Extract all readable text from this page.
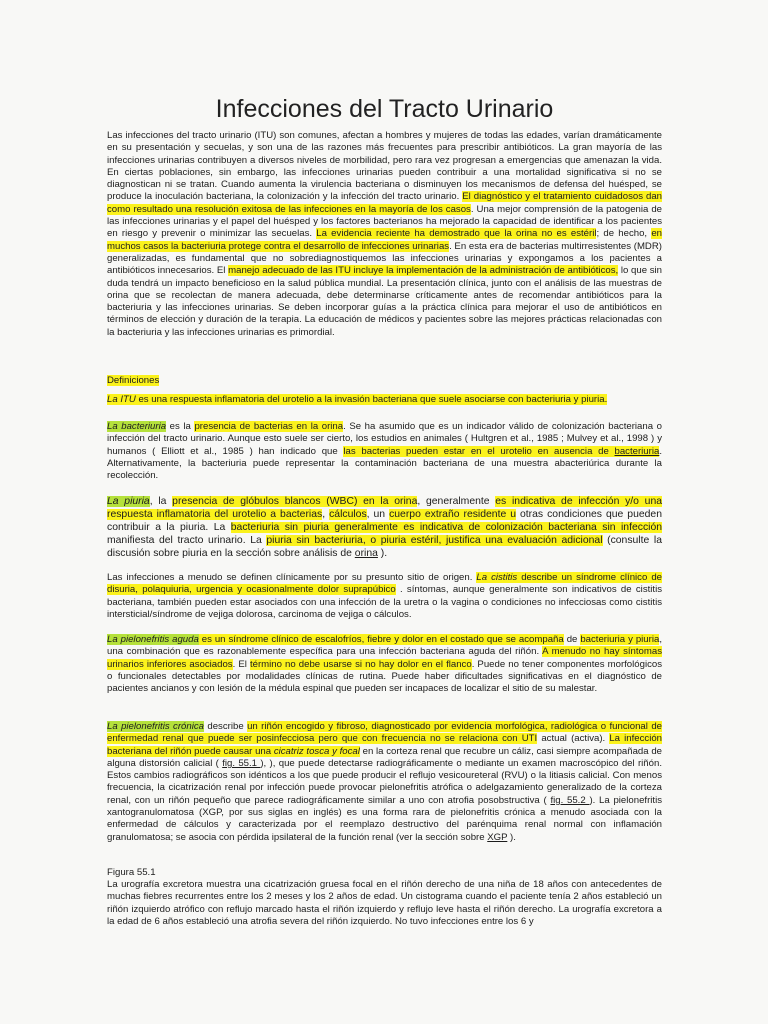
Infecciones del Tracto Urinario

Las infecciones del tracto urinario (ITU) son comunes, afectan a hombres y mujeres de todas las edades, varían dramáticamente en su presentación y secuelas, y son una de las razones más frecuentes para prescribir antibióticos. La gran mayoría de las infecciones urinarias contribuyen a diversos niveles de morbilidad, pero rara vez progresan a emergencias que amenazan la vida. En ciertas poblaciones, sin embargo, las infecciones urinarias pueden contribuir a una mortalidad significativa si no se diagnostican ni se tratan. Cuando aumenta la virulencia bacteriana o disminuyen los mecanismos de defensa del huésped, se produce la inoculación bacteriana, la colonización y la infección del tracto urinario. El diagnóstico y el tratamiento cuidadosos dan como resultado una resolución exitosa de las infecciones en la mayoría de los casos. Una mejor comprensión de la patogenia de las infecciones urinarias y el papel del huésped y los factores bacterianos ha mejorado la capacidad de identificar a los pacientes en riesgo y prevenir o minimizar las secuelas. La evidencia reciente ha demostrado que la orina no es estéril; de hecho, en muchos casos la bacteriuria protege contra el desarrollo de infecciones urinarias. En esta era de bacterias multirresistentes (MDR) generalizadas, es fundamental que no sobrediagnostiquemos las infecciones urinarias y expongamos a los pacientes a antibióticos innecesarios. El manejo adecuado de las ITU incluye la implementación de la administración de antibióticos, lo que sin duda tendrá un impacto beneficioso en la salud pública mundial. La presentación clínica, junto con el análisis de las muestras de orina que se recolectan de manera adecuada, debe determinarse críticamente antes de recomendar antibióticos para la bacteriuria y las infecciones urinarias. Se deben incorporar guías a la práctica clínica para mejorar el uso de antibióticos en términos de elección y duración de la terapia. La educación de médicos y pacientes sobre las mejores prácticas relacionadas con la bacteriuria y las infecciones urinarias es primordial.

Definiciones

La ITU es una respuesta inflamatoria del urotelio a la invasión bacteriana que suele asociarse con bacteriuria y piuria.

La bacteriuria es la presencia de bacterias en la orina. Se ha asumido que es un indicador válido de colonización bacteriana o infección del tracto urinario. Aunque esto suele ser cierto, los estudios en animales ( Hultgren et al., 1985 ; Mulvey et al., 1998 ) y humanos ( Elliott et al., 1985 ) han indicado que las bacterias pueden estar en el urotelio en ausencia de bacteriuria. Alternativamente, la bacteriuria puede representar la contaminación bacteriana de una muestra abacteriúrica durante la recolección.

La piuria, la presencia de glóbulos blancos (WBC) en la orina, generalmente es indicativa de infección y/o una respuesta inflamatoria del urotelio a bacterias, cálculos, un cuerpo extraño residente u otras condiciones que pueden contribuir a la piuria. La bacteriuria sin piuria generalmente es indicativa de colonización bacteriana sin infección manifiesta del tracto urinario. La piuria sin bacteriuria, o piuria estéril, justifica una evaluación adicional (consulte la discusión sobre piuria en la sección sobre análisis de orina ).

Las infecciones a menudo se definen clínicamente por su presunto sitio de origen. La cistitis describe un síndrome clínico de disuria, polaquiuria, urgencia y ocasionalmente dolor suprapúbico . síntomas, aunque generalmente son indicativos de cistitis bacteriana, también pueden estar asociados con una infección de la uretra o la vagina o condiciones no infecciosas como cistitis intersticial/síndrome de vejiga dolorosa, carcinoma de vejiga o cálculos.

La pielonefritis aguda es un síndrome clínico de escalofríos, fiebre y dolor en el costado que se acompaña de bacteriuria y piuria, una combinación que es razonablemente específica para una infección bacteriana aguda del riñón. A menudo no hay síntomas urinarios inferiores asociados. El término no debe usarse si no hay dolor en el flanco. Puede no tener componentes morfológicos o funcionales detectables por modalidades clínicas de rutina. Puede haber dificultades significativas en el diagnóstico de pacientes ancianos y con lesión de la médula espinal que pueden ser incapaces de localizar el sitio de su malestar.

La pielonefritis crónica describe un riñón encogido y fibroso, diagnosticado por evidencia morfológica, radiológica o funcional de enfermedad renal que puede ser posinfecciosa pero que con frecuencia no se relaciona con UTI actual (activa). La infección bacteriana del riñón puede causar una cicatriz tosca y focal en la corteza renal que recubre un cáliz, casi siempre acompañada de alguna distorsión calicial ( fig. 55.1 ), ), que puede detectarse radiográficamente o mediante un examen macroscópico del riñón. Estos cambios radiográficos son idénticos a los que puede producir el reflujo vesicoureteral (RVU) o la litiasis calicial. Con menos frecuencia, la cicatrización renal por infección puede provocar pielonefritis atrófica o adelgazamiento generalizado de la corteza renal, con un riñón pequeño que parece radiográficamente similar a uno con atrofia posobstructiva ( fig. 55.2 ). La pielonefritis xantogranulomatosa (XGP, por sus siglas en inglés) es una forma rara de pielonefritis crónica a menudo asociada con la enfermedad de cálculos y caracterizada por el reemplazo destructivo del parénquima renal normal con inflamación granulomatosa; se asocia con pérdida ipsilateral de la función renal (ver la sección sobre XGP ).

Figura 55.1

La urografía excretora muestra una cicatrización gruesa focal en el riñón derecho de una niña de 18 años con antecedentes de muchas fiebres recurrentes entre los 2 meses y los 2 años de edad. Un cistograma cuando el paciente tenía 2 años estableció un riñón izquierdo atrófico con reflujo marcado hasta el riñón izquierdo y reflujo leve hasta el riñón derecho. La urografía excretora a la edad de 6 años estableció una atrofia severa del riñón izquierdo. No tuvo infecciones entre los 6 y
